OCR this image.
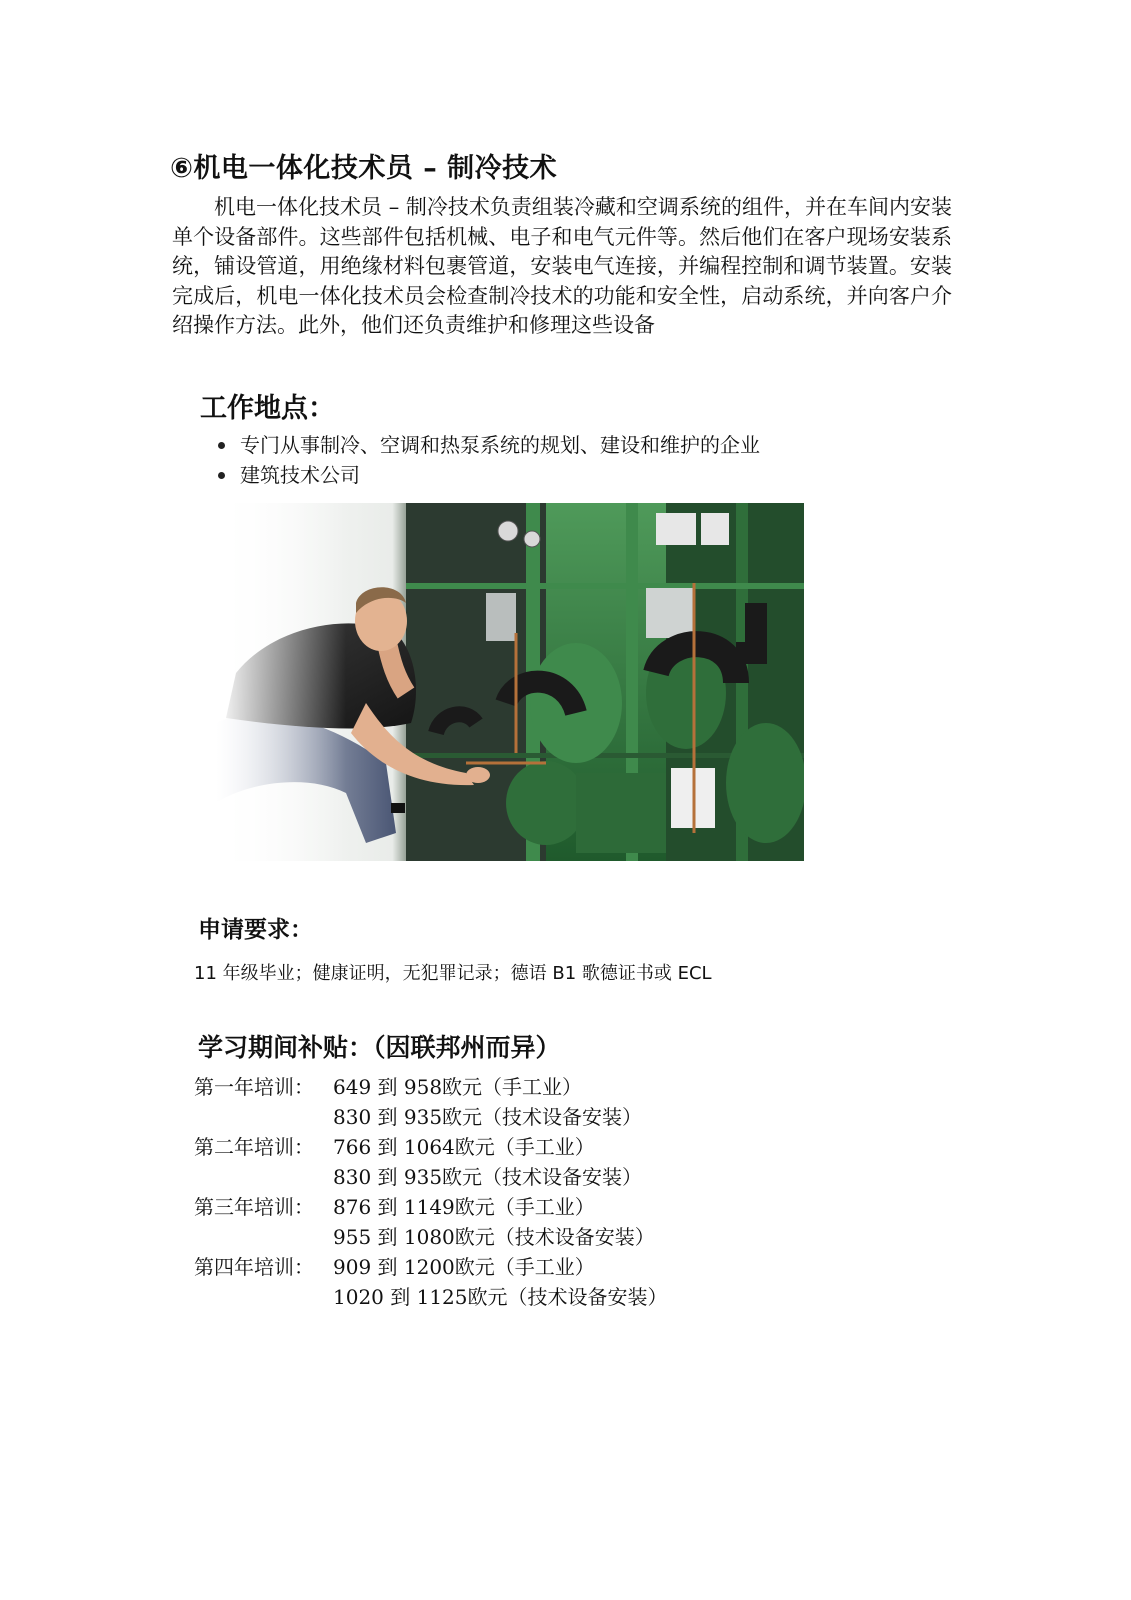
⑥机电一体化技术员 – 制冷技术

机电一体化技术员 – 制冷技术负责组装冷藏和空调系统的组件，并在车间内安装单个设备部件。这些部件包括机械、电子和电气元件等。然后他们在客户现场安装系统，铺设管道，用绝缘材料包裹管道，安装电气连接，并编程控制和调节装置。安装完成后，机电一体化技术员会检查制冷技术的功能和安全性，启动系统，并向客户介绍操作方法。此外，他们还负责维护和修理这些设备

工作地点：
专门从事制冷、空调和热泵系统的规划、建设和维护的企业
建筑技术公司
申请要求：
11 年级毕业；健康证明，无犯罪记录；德语 B1 歌德证书或 ECL
学习期间补贴：（因联邦州而异）
第一年培训： 649 到 958欧元（手工业）
830 到 935欧元（技术设备安装）
第二年培训： 766 到 1064欧元（手工业）
830 到 935欧元（技术设备安装）
第三年培训： 876 到 1149欧元（手工业）
955 到 1080欧元（技术设备安装）
第四年培训： 909 到 1200欧元（手工业）
1020 到 1125欧元（技术设备安装）
